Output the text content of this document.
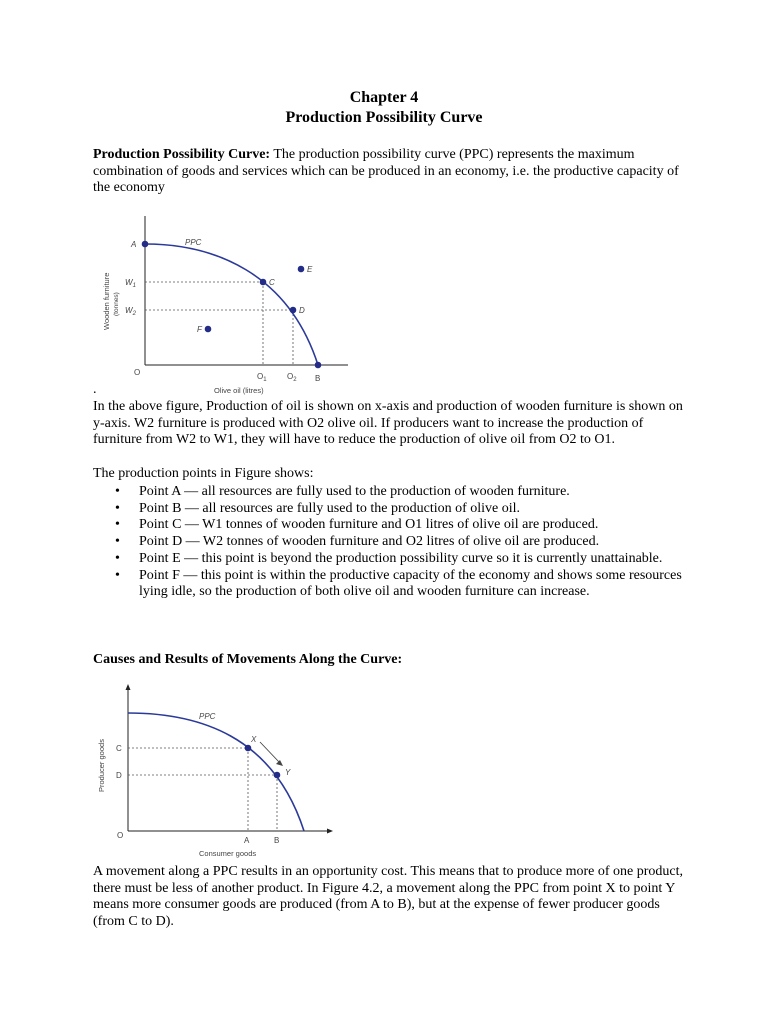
Chapter 4
Production Possibility Curve
Production Possibility Curve: The production possibility curve (PPC) represents the maximum combination of goods and services which can be produced in an economy, i.e. the productive capacity of the economy
PPC
A
C
D
E
F
B
O
$W_1$
$W_2$
$O_1$	$O_2$
Olive oil (litres)
Wooden furniture (tonnes)
.
In the above figure, Production of oil is shown on x-axis and production of wooden furniture is shown on y-axis. W2 furniture is produced with O2 olive oil. If producers want to increase the production of furniture from W2 to W1, they will have to reduce the production of olive oil from O2 to O1.
The production points in Figure shows:
• Point A — all resources are fully used to the production of wooden furniture.
• Point B — all resources are fully used to the production of olive oil.
• Point C — W1 tonnes of wooden furniture and O1 litres of olive oil are produced.
• Point D — W2 tonnes of wooden furniture and O2 litres of olive oil are produced.
• Point E — this point is beyond the production possibility curve so it is currently unattainable.
• Point F — this point is within the productive capacity of the economy and shows some resources lying idle, so the production of both olive oil and wooden furniture can increase.
Causes and Results of Movements Along the Curve:
PPC
X
Y
C
D
A	B
O
Consumer goods
Producer goods
A movement along a PPC results in an opportunity cost. This means that to produce more of one product, there must be less of another product. In Figure 4.2, a movement along the PPC from point X to point Y means more consumer goods are produced (from A to B), but at the expense of fewer producer goods (from C to D).
